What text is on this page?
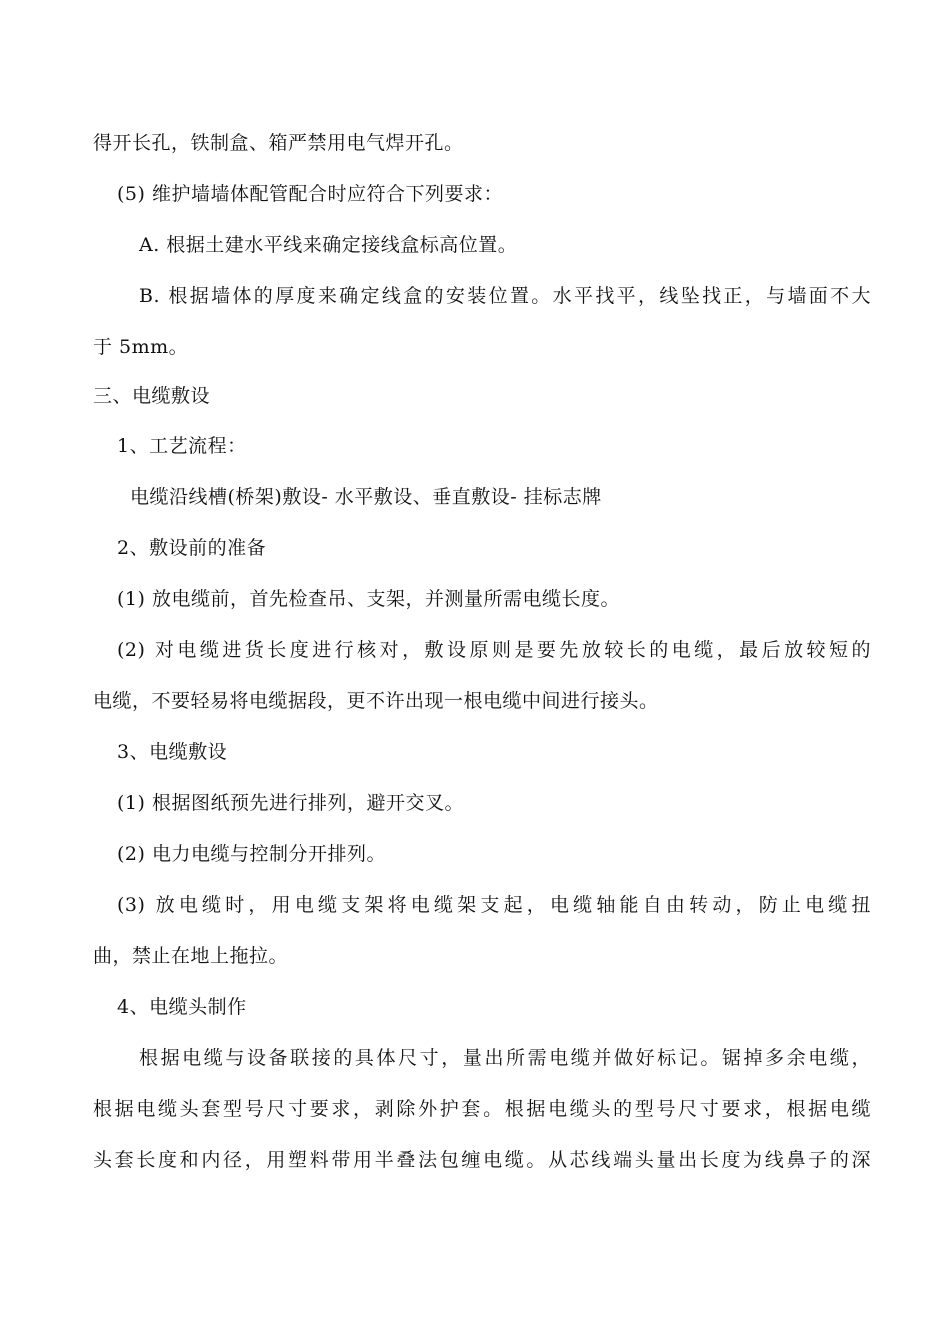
得开长孔，铁制盒、箱严禁用电气焊开孔。
(5) 维护墙墙体配管配合时应符合下列要求：
A. 根据土建水平线来确定接线盒标高位置。
B. 根据墙体的厚度来确定线盒的安装位置。水平找平，线坠找正，与墙面不大
于 5mm。
三、电缆敷设
1、工艺流程：
电缆沿线槽(桥架)敷设- 水平敷设、垂直敷设- 挂标志牌
2、敷设前的准备
(1) 放电缆前，首先检查吊、支架，并测量所需电缆长度。
(2) 对电缆进货长度进行核对，敷设原则是要先放较长的电缆，最后放较短的
电缆，不要轻易将电缆据段，更不许出现一根电缆中间进行接头。
3、电缆敷设
(1) 根据图纸预先进行排列，避开交叉。
(2) 电力电缆与控制分开排列。
(3) 放电缆时，用电缆支架将电缆架支起，电缆轴能自由转动，防止电缆扭
曲，禁止在地上拖拉。
4、电缆头制作
根据电缆与设备联接的具体尺寸，量出所需电缆并做好标记。锯掉多余电缆，
根据电缆头套型号尺寸要求，剥除外护套。根据电缆头的型号尺寸要求，根据电缆
头套长度和内径，用塑料带用半叠法包缠电缆。从芯线端头量出长度为线鼻子的深
